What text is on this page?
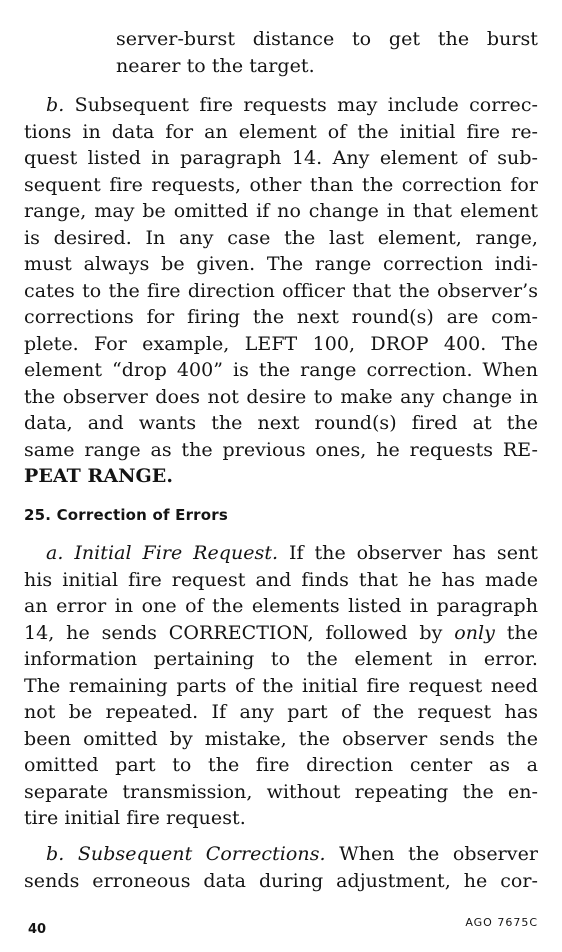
server-burst distance to get the burst
nearer to the target.
b. Subsequent fire requests may include correc-
tions in data for an element of the initial fire re-
quest listed in paragraph 14. Any element of sub-
sequent fire requests, other than the correction for
range, may be omitted if no change in that element
is desired. In any case the last element, range,
must always be given. The range correction indi-
cates to the fire direction officer that the observer’s
corrections for firing the next round(s) are com-
plete. For example, LEFT 100, DROP 400. The
element “drop 400” is the range correction. When
the observer does not desire to make any change in
data, and wants the next round(s) fired at the
same range as the previous ones, he requests RE-
PEAT RANGE.
25. Correction of Errors
a. Initial Fire Request. If the observer has sent
his initial fire request and finds that he has made
an error in one of the elements listed in paragraph
14, he sends CORRECTION, followed by only the
information pertaining to the element in error.
The remaining parts of the initial fire request need
not be repeated. If any part of the request has
been omitted by mistake, the observer sends the
omitted part to the fire direction center as a
separate transmission, without repeating the en-
tire initial fire request.
b. Subsequent Corrections. When the observer
sends erroneous data during adjustment, he cor-
40	AGO 7675C
